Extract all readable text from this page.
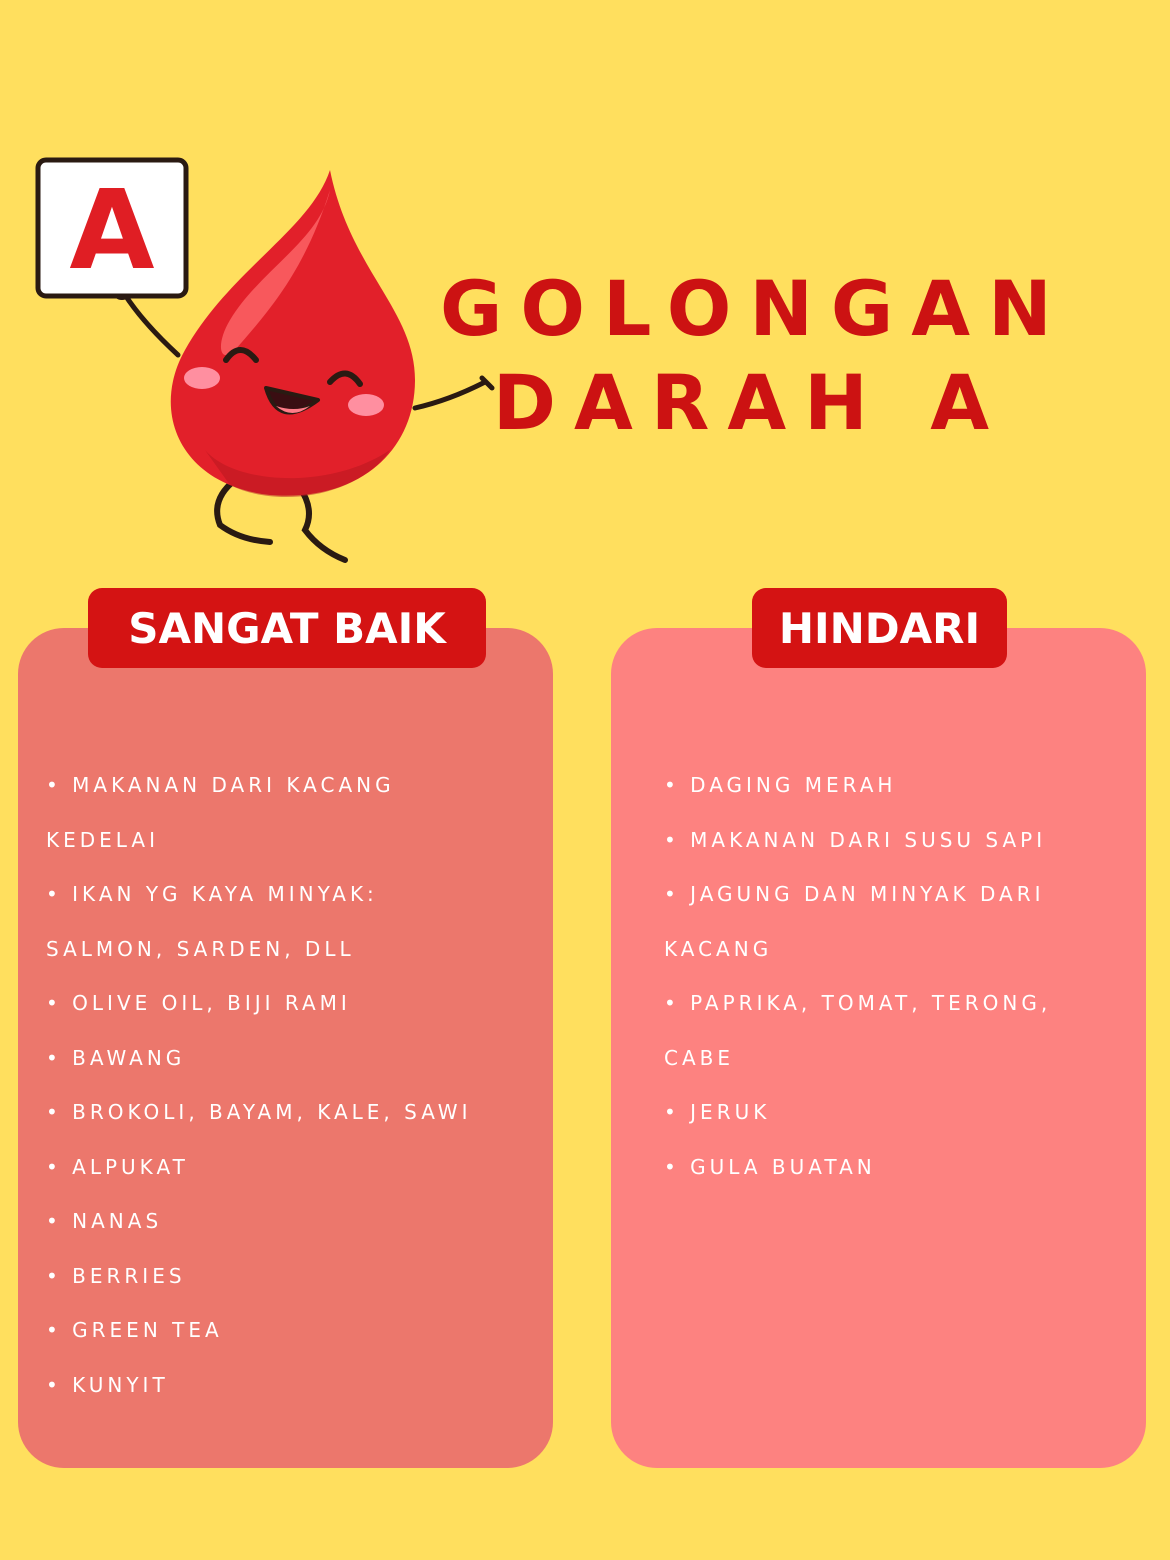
A
GOLONGAN
DARAH A
• MAKANAN DARI KACANG
KEDELAI
• IKAN YG KAYA MINYAK:
SALMON, SARDEN, DLL
• OLIVE OIL, BIJI RAMI
• BAWANG
• BROKOLI, BAYAM, KALE, SAWI
• ALPUKAT
• NANAS
• BERRIES
• GREEN TEA
• KUNYIT
• DAGING MERAH
• MAKANAN DARI SUSU SAPI
• JAGUNG DAN MINYAK DARI
KACANG
• PAPRIKA, TOMAT, TERONG,
CABE
• JERUK
• GULA BUATAN
SANGAT BAIK	HINDARI
